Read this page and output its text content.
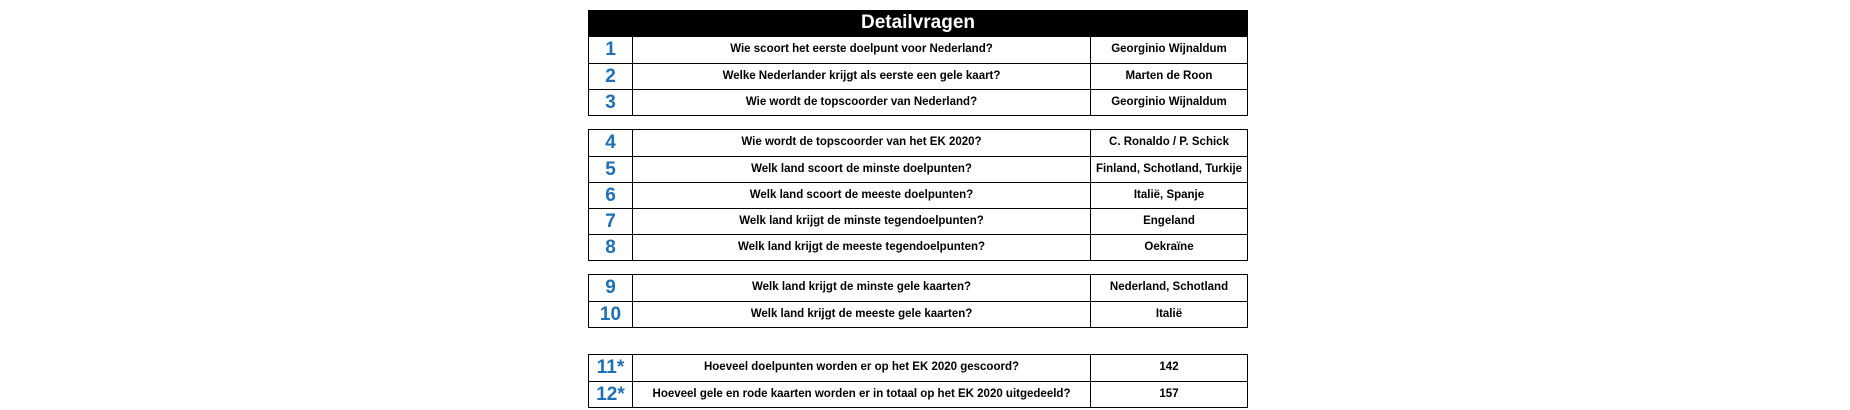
Detailvragen
1	Wie scoort het eerste doelpunt voor Nederland?	Georginio Wijnaldum
2	Welke Nederlander krijgt als eerste een gele kaart?	Marten de Roon
3	Wie wordt de topscoorder van Nederland?	Georginio Wijnaldum
4	Wie wordt de topscoorder van het EK 2020?	C. Ronaldo / P. Schick
5	Welk land scoort de minste doelpunten?	Finland, Schotland, Turkije
6	Welk land scoort de meeste doelpunten?	Italië, Spanje
7	Welk land krijgt de minste tegendoelpunten?	Engeland
8	Welk land krijgt de meeste tegendoelpunten?	Oekraïne
9	Welk land krijgt de minste gele kaarten?	Nederland, Schotland
10	Welk land krijgt de meeste gele kaarten?	Italië
11*	Hoeveel doelpunten worden er op het EK 2020 gescoord?	142
12*	Hoeveel gele en rode kaarten worden er in totaal op het EK 2020 uitgedeeld?	157
